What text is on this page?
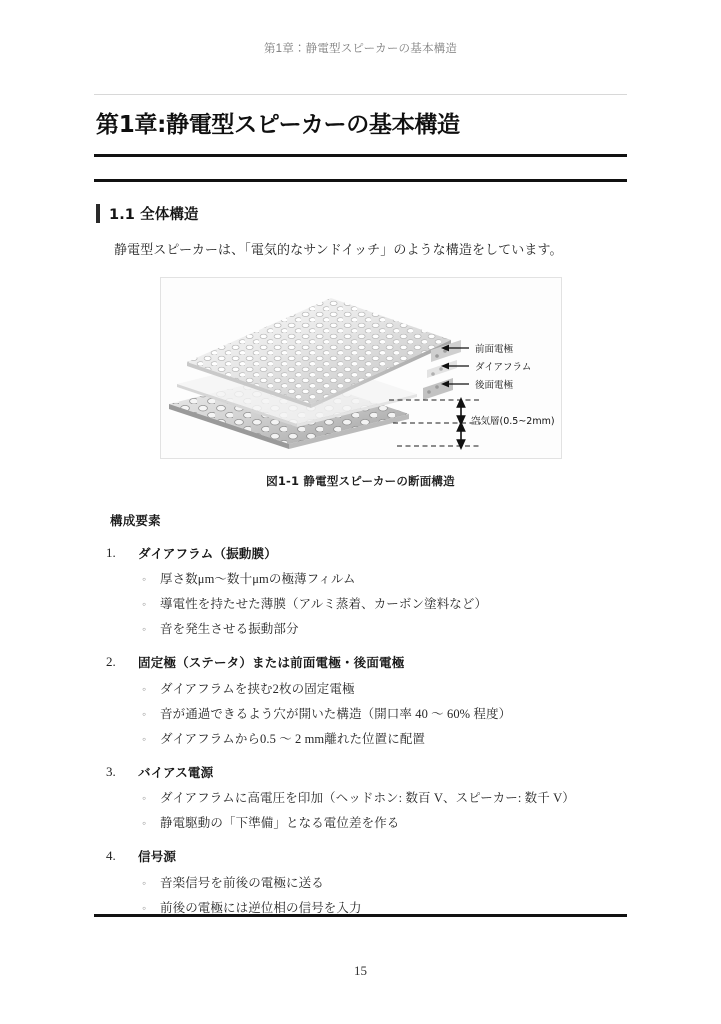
第1章：静電型スピーカーの基本構造
第1章:静電型スピーカーの基本構造
1.1 全体構造

静電型スピーカーは、「電気的なサンドイッチ」のような構造をしています。

前面電極
ダイアフラム
後面電極
空気層(0.5~2mm)
図1-1 静電型スピーカーの断面構造
構成要素
ダイアフラム（振動膜）
◦ 厚さ数μm〜数十μmの極薄フィルム
◦ 導電性を持たせた薄膜（アルミ蒸着、カーボン塗料など）
◦ 音を発生させる振動部分
固定極（ステータ）または前面電極・後面電極
◦ ダイアフラムを挟む2枚の固定電極
◦ 音が通過できるよう穴が開いた構造（開口率 40 〜 60% 程度）
◦ ダイアフラムから0.5 〜 2 mm離れた位置に配置
バイアス電源
◦ ダイアフラムに高電圧を印加（ヘッドホン: 数百 V、スピーカー: 数千 V）
◦ 静電駆動の「下準備」となる電位差を作る
信号源
◦ 音楽信号を前後の電極に送る
◦ 前後の電極には逆位相の信号を入力
15
